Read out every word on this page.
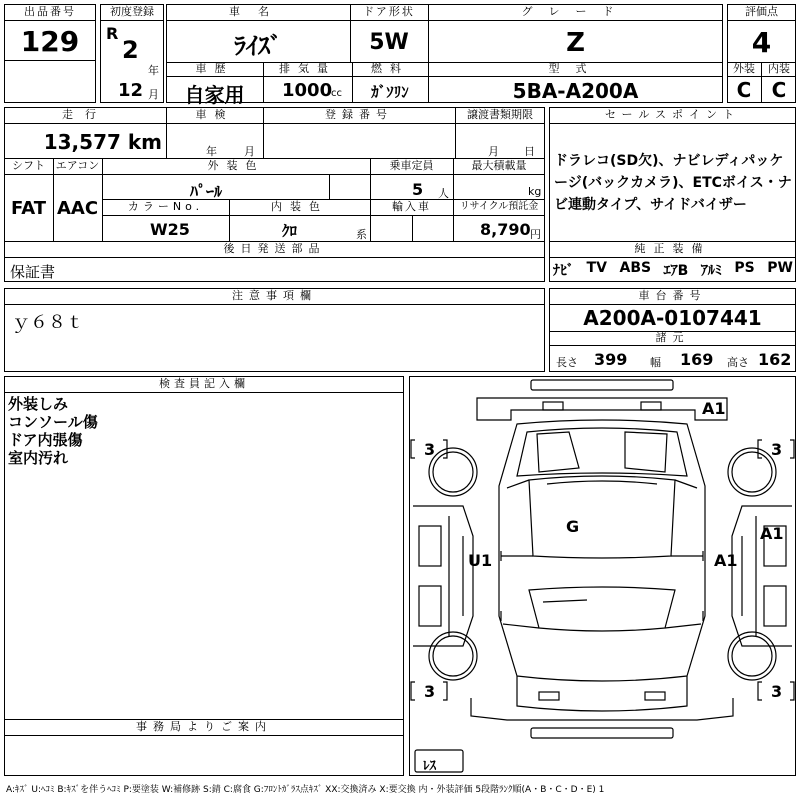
出品番号
129
初度登録
R
2
年
12 月
車名
ﾗｲｽﾞ
ドア形状
5W
グレード
Z
車歴
自家用
排気量
1000
cc
燃料
ｶﾞｿﾘﾝ
型式
5BA-A200A
評価点
4
外装	内装
C	C
走行
13,577 km
車検
年 月
登録番号	譲渡書類期限
月 日
シフト
FAT
エアコン
AAC
外装色
ﾊﾟｰﾙ
乗車定員
5 人
最大積載量
kg
カラーNo.
W25
内装色
ｸﾛ	系
輸入車	リサイクル預託金
8,790 円
後日発送部品
保証書
セールスポイント
ドラレコ(SD欠)、ナビレディパッケージ(バックカメラ)、ETCボイス・ナビ連動タイプ、サイドバイザー
純正装備
ﾅﾋﾞ TV ABS ｴｱB ｱﾙﾐ PS PW
注意事項欄
ｙ６８ｔ
車台番号
A200A-0107441
諸元
長さ 399 幅 169 高さ 162
検査員記入欄
外装しみ
コンソール傷
ドア内張傷
室内汚れ
事務局よりご案内
A1
A1
A1
U1
G
3	3
3	3
ﾚｽ
A:ｷｽﾞ U:ﾍｺﾐ B:ｷｽﾞを伴うﾍｺﾐ P:要塗装 W:補修跡 S:錆 C:腐食 G:ﾌﾛﾝﾄｶﾞﾗｽ点ｷｽﾞ XX:交換済み X:要交換 内・外装評価 5段階ﾗﾝｸ順(A・B・C・D・E) 1
